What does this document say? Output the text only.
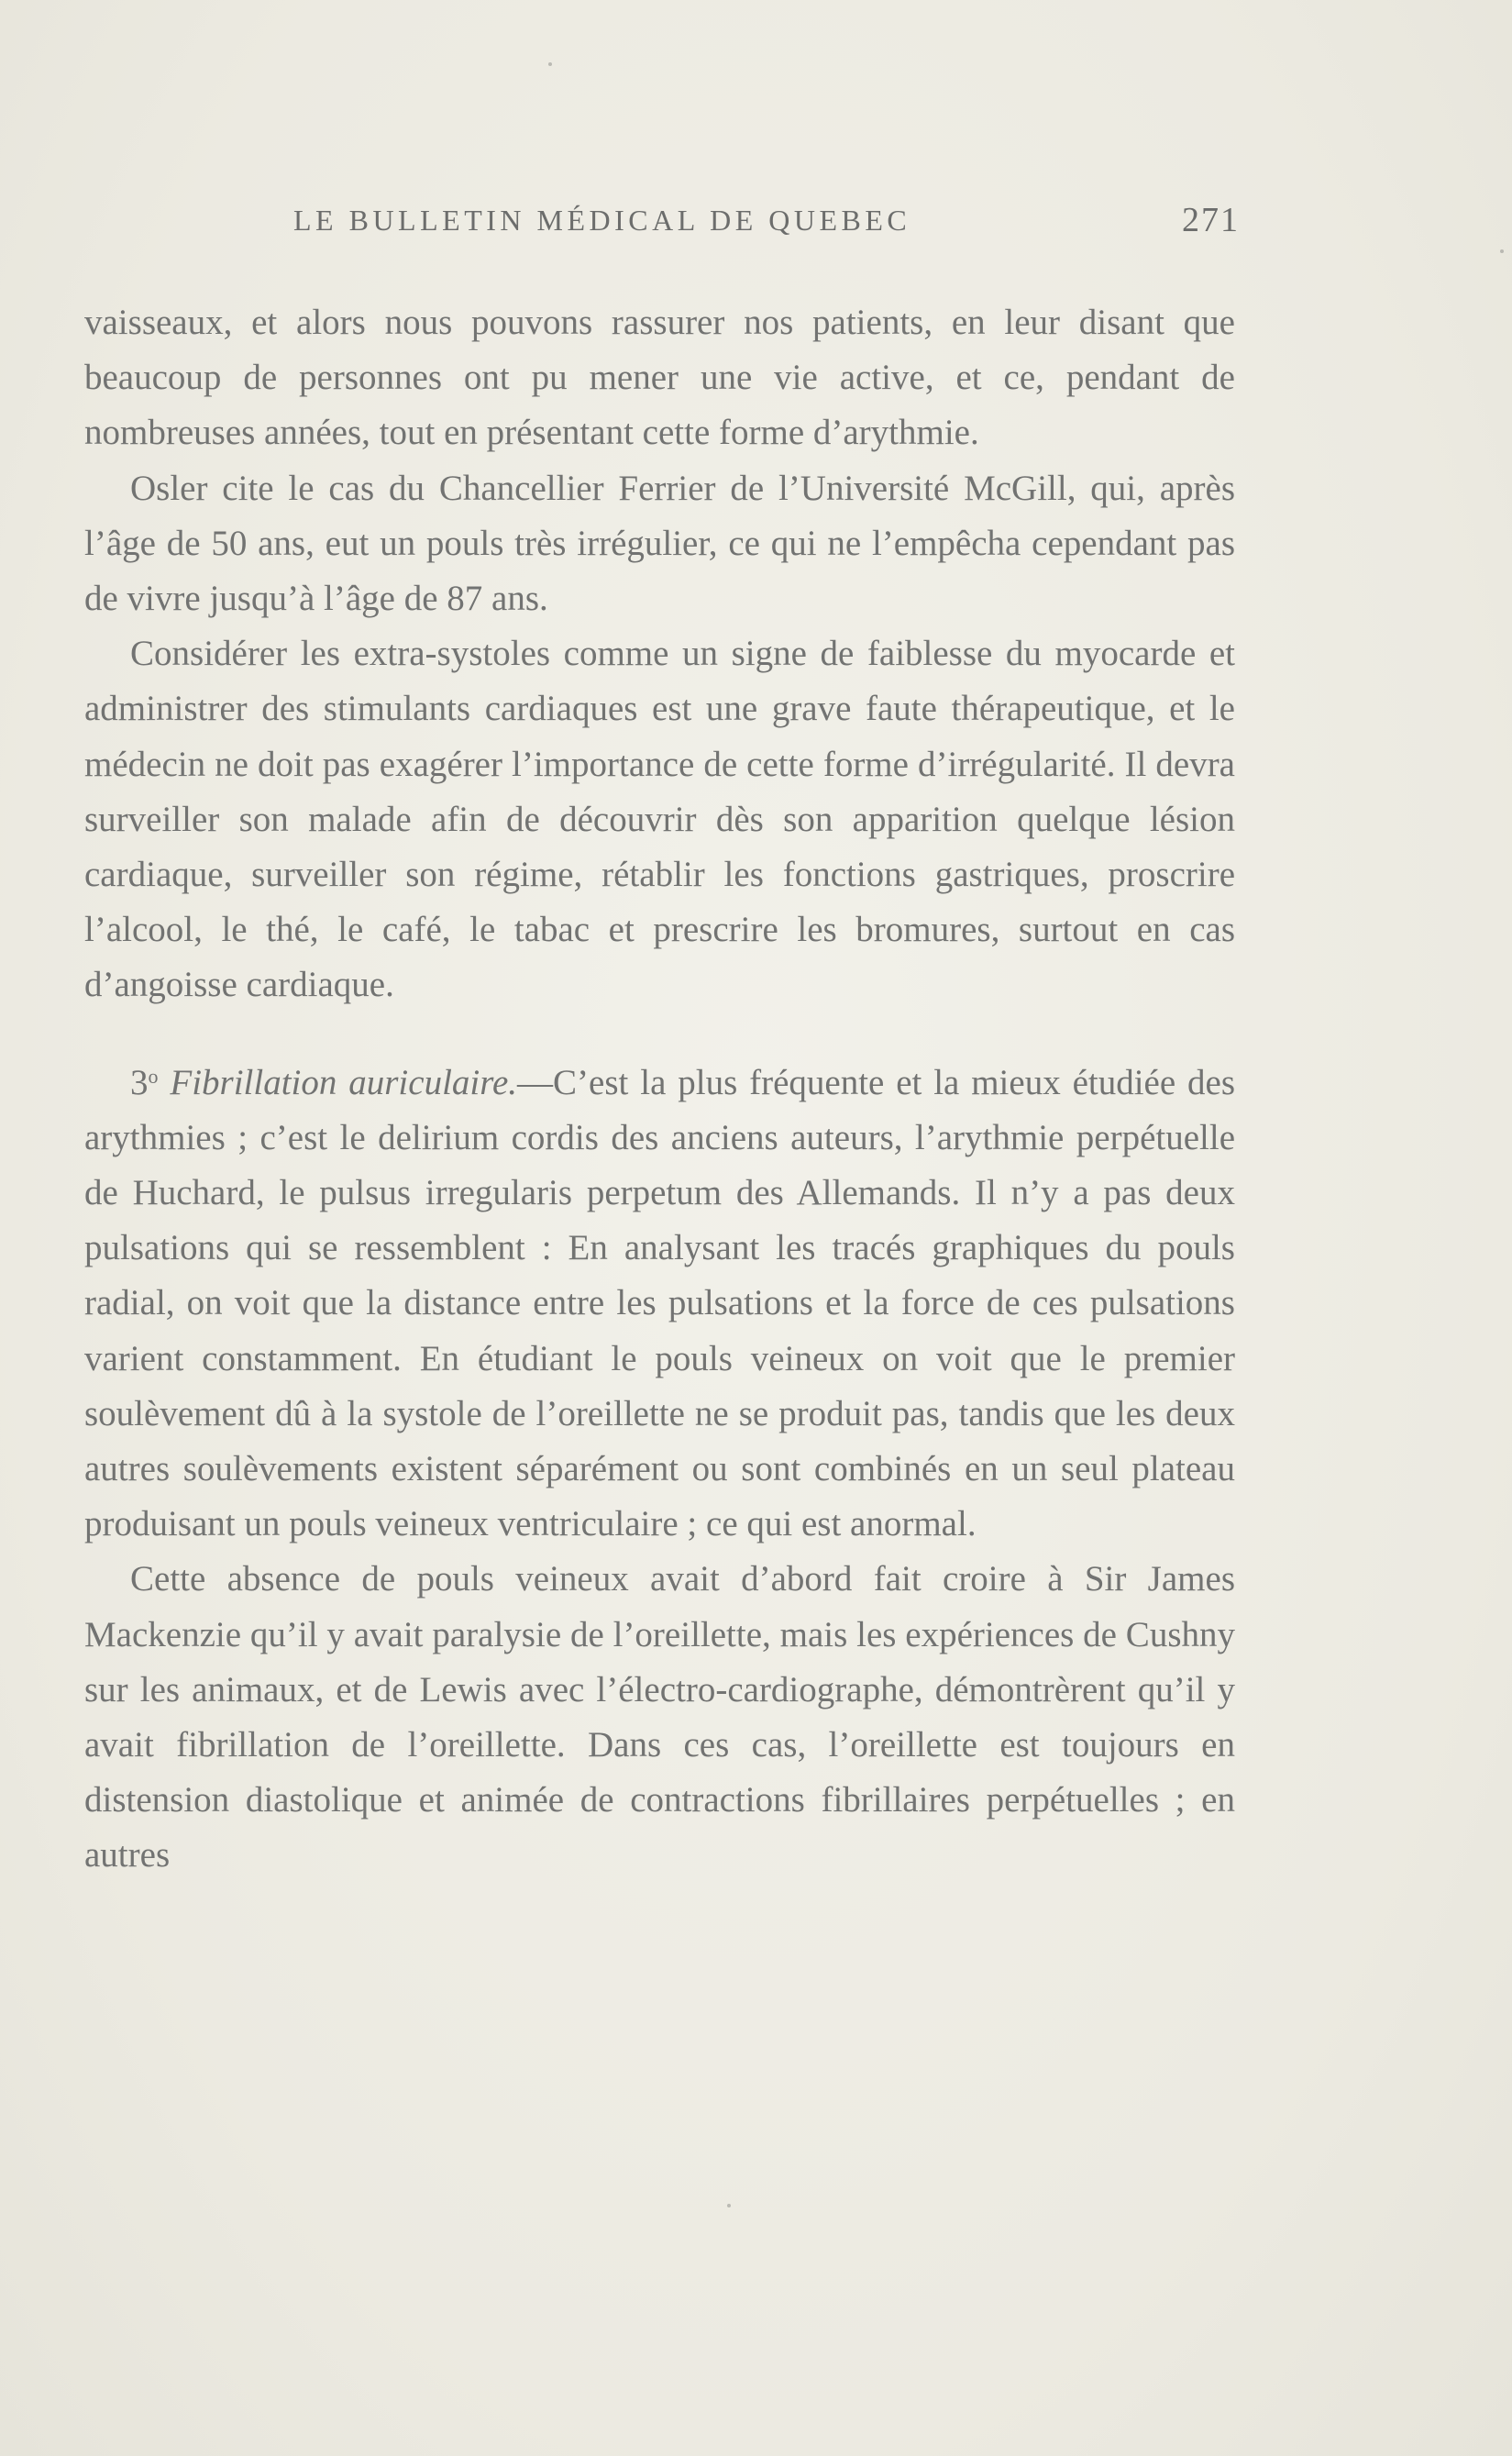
LE BULLETIN MÉDICAL DE QUEBEC	271

vaisseaux, et alors nous pouvons rassurer nos patients, en leur disant que beaucoup de personnes ont pu mener une vie active, et ce, pendant de nombreuses années, tout en présentant cette forme d’arythmie.

Osler cite le cas du Chancellier Ferrier de l’Université McGill, qui, après l’âge de 50 ans, eut un pouls très irrégulier, ce qui ne l’empêcha cependant pas de vivre jusqu’à l’âge de 87 ans.

Considérer les extra-systoles comme un signe de faiblesse du myocarde et administrer des stimulants cardiaques est une grave faute thérapeutique, et le médecin ne doit pas exagérer l’importance de cette forme d’irrégularité. Il devra surveiller son malade afin de découvrir dès son apparition quelque lésion cardiaque, surveiller son régime, rétablir les fonctions gastriques, proscrire l’alcool, le thé, le café, le tabac et prescrire les bromures, surtout en cas d’angoisse cardiaque.

3$^o$ Fibrillation auriculaire.—C’est la plus fréquente et la mieux étudiée des arythmies ; c’est le delirium cordis des anciens auteurs, l’arythmie perpétuelle de Huchard, le pulsus irregularis perpetum des Allemands. Il n’y a pas deux pulsations qui se ressemblent : En analysant les tracés graphiques du pouls radial, on voit que la distance entre les pulsations et la force de ces pulsations varient constamment. En étudiant le pouls veineux on voit que le premier soulèvement dû à la systole de l’oreillette ne se produit pas, tandis que les deux autres soulèvements existent séparément ou sont combinés en un seul plateau produisant un pouls veineux ventriculaire ; ce qui est anormal.

Cette absence de pouls veineux avait d’abord fait croire à Sir James Mackenzie qu’il y avait paralysie de l’oreillette, mais les expériences de Cushny sur les animaux, et de Lewis avec l’électro-cardiographe, démontrèrent qu’il y avait fibrillation de l’oreillette. Dans ces cas, l’oreillette est toujours en distension diastolique et animée de contractions fibrillaires perpétuelles ; en autres
